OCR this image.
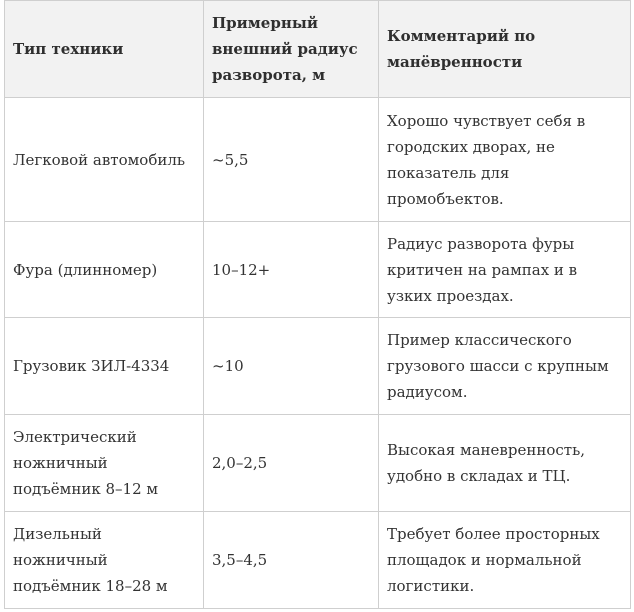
Тип техники	Примерный внешний радиус разворота, м	Комментарий по манёвренности
Легковой автомобиль	~5,5	Хорошо чувствует себя в городских дворах, не показатель для промобъектов.
Фура (длинномер)	10–12+	Радиус разворота фуры критичен на рампах и в узких проездах.
Грузовик ЗИЛ-4334	~10	Пример классического грузового шасси с крупным радиусом.
Электрический ножничный подъёмник 8–12 м	2,0–2,5	Высокая маневренность, удобно в складах и ТЦ.
Дизельный ножничный подъёмник 18–28 м	3,5–4,5	Требует более просторных площадок и нормальной логистики.
